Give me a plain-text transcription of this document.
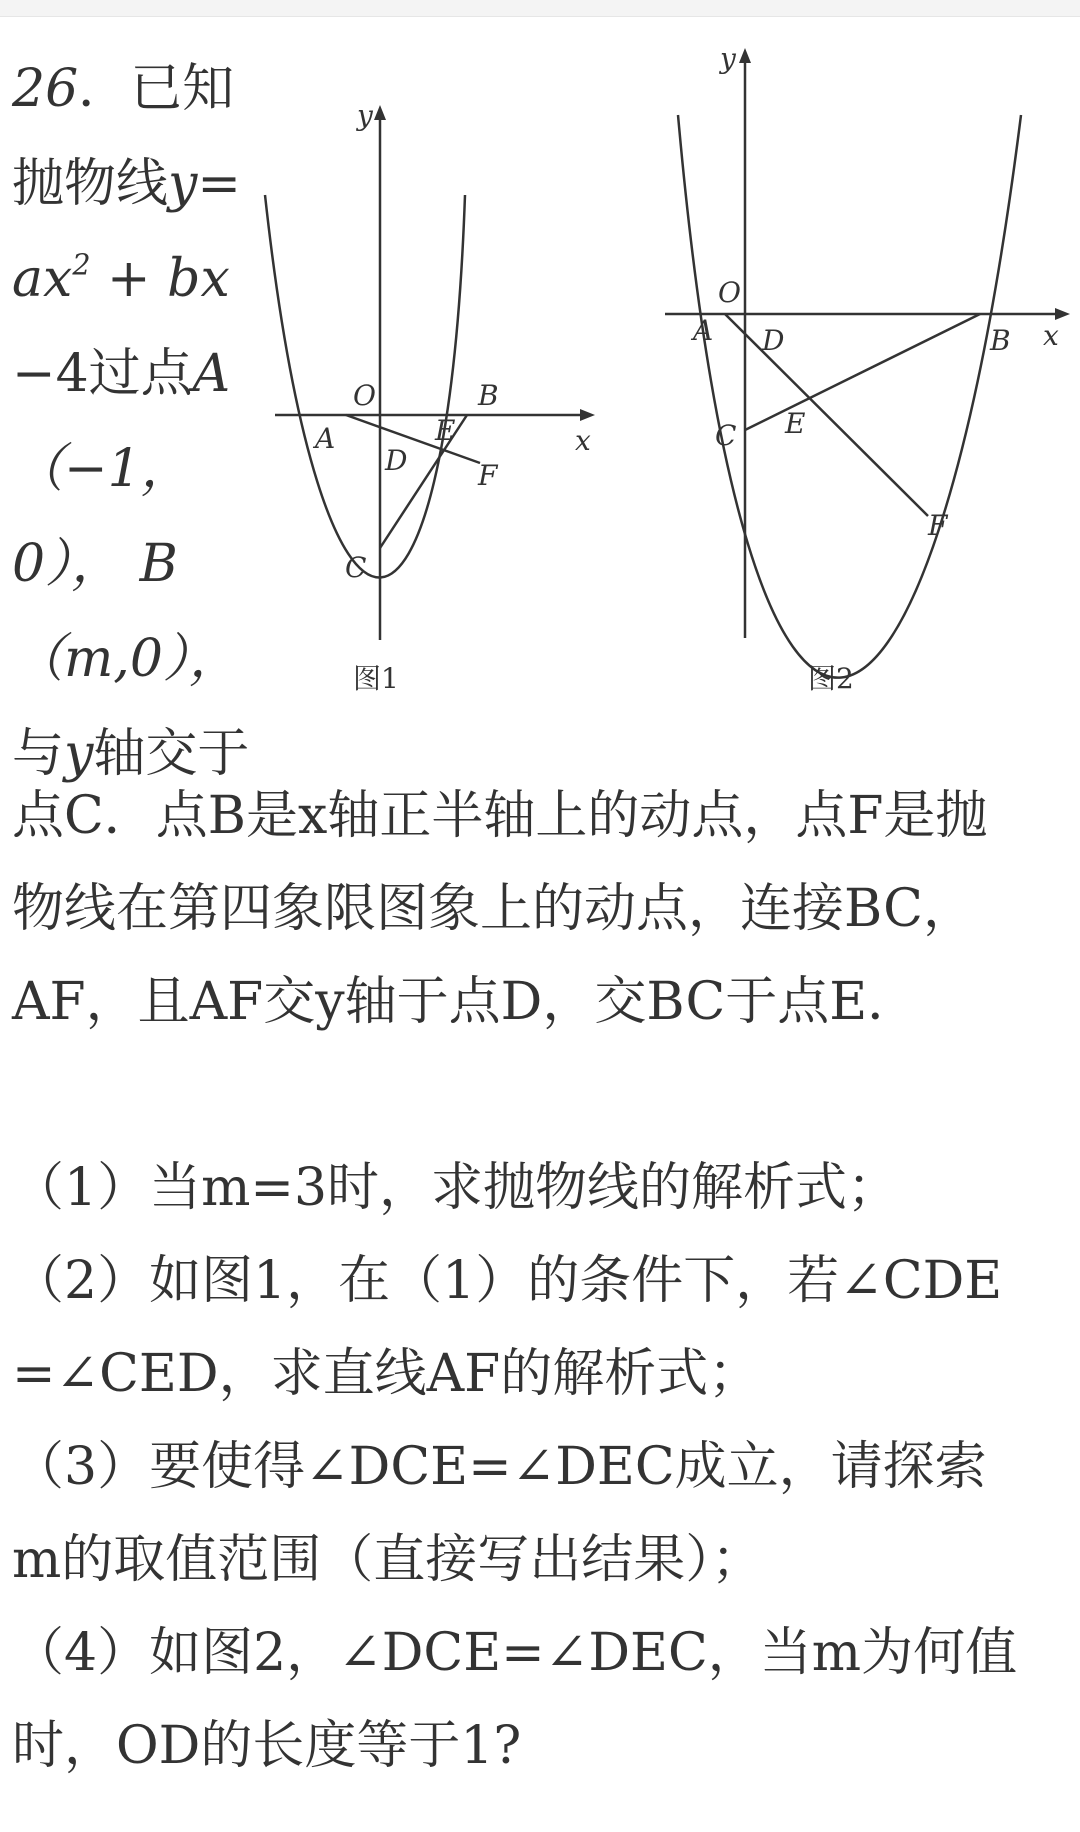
26．已知
抛物线y=
$ax^2$ + bx
−4过点A
（−1，
0）， B
（m,0），
与y轴交于
y
x
O
A
B
C
D
E
F
图1
y
x
O
A	B
C
D
E
F
图2
点C．点B是x轴正半轴上的动点，点F是抛
物线在第四象限图象上的动点，连接BC，
AF，且AF交y轴于点D，交BC于点E．
（1）当m=3时，求抛物线的解析式；
（2）如图1，在（1）的条件下，若∠CDE
=∠CED，求直线AF的解析式；
（3）要使得∠DCE=∠DEC成立，请探索
m的取值范围（直接写出结果）；
（4）如图2，∠DCE=∠DEC，当m为何值
时，OD的长度等于1?
